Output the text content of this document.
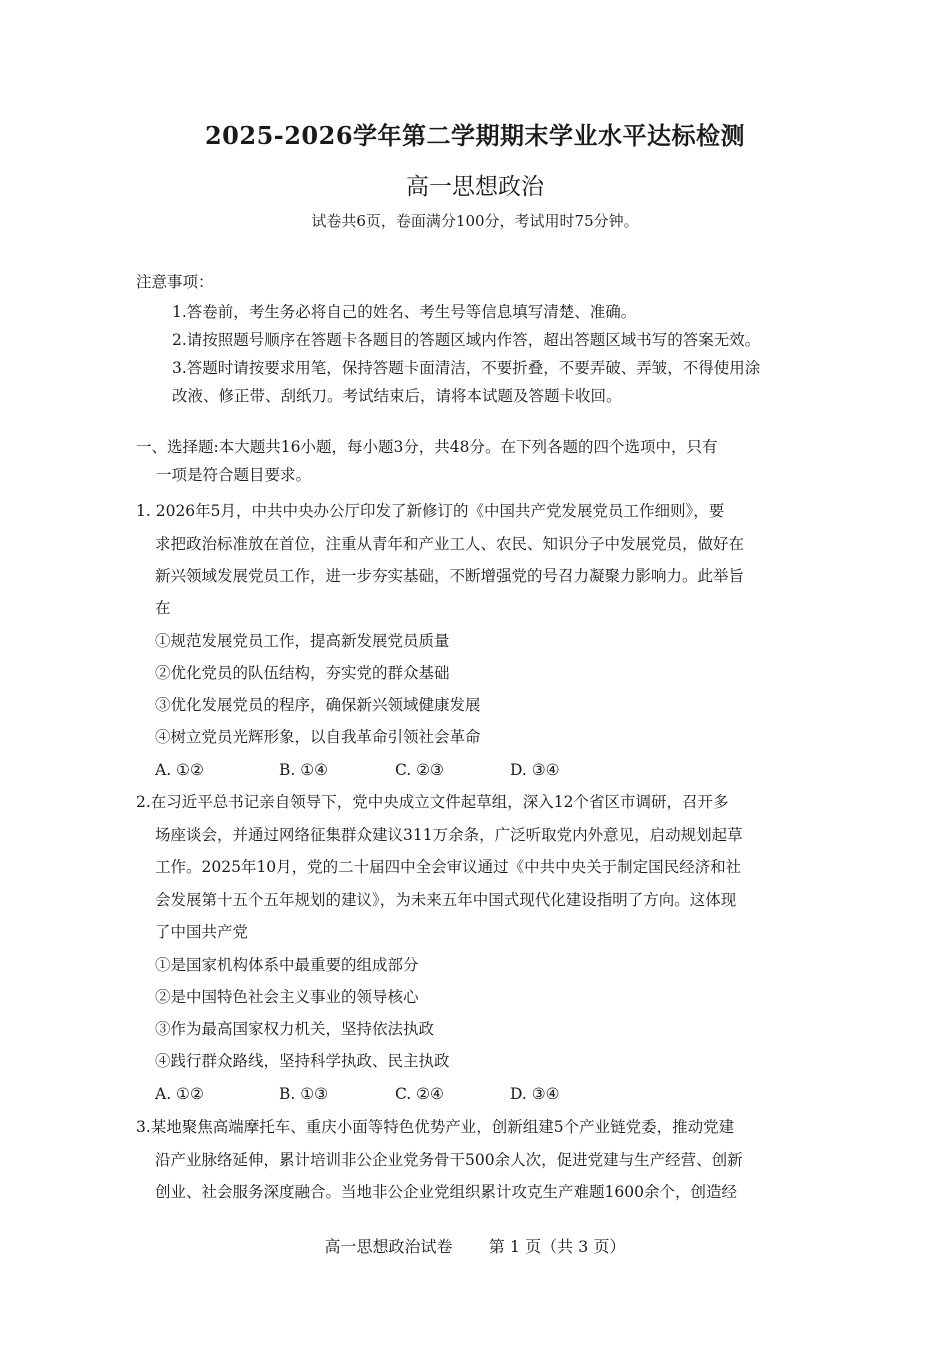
2025-2026学年第二学期期末学业水平达标检测
高一思想政治
试卷共6页，卷面满分100分，考试用时75分钟。
注意事项：
1.答卷前，考生务必将自己的姓名、考生号等信息填写清楚、准确。
2.请按照题号顺序在答题卡各题目的答题区域内作答，超出答题区域书写的答案无效。
3.答题时请按要求用笔，保持答题卡面清洁，不要折叠，不要弄破、弄皱，不得使用涂
改液、修正带、刮纸刀。考试结束后，请将本试题及答题卡收回。
一、选择题:本大题共16小题，每小题3分，共48分。在下列各题的四个选项中，只有
一项是符合题目要求。
1. 2026年5月，中共中央办公厅印发了新修订的《中国共产党发展党员工作细则》，要
求把政治标准放在首位，注重从青年和产业工人、农民、知识分子中发展党员，做好在
新兴领域发展党员工作，进一步夯实基础，不断增强党的号召力凝聚力影响力。此举旨
在
①规范发展党员工作，提高新发展党员质量
②优化党员的队伍结构，夯实党的群众基础
③优化发展党员的程序，确保新兴领域健康发展
④树立党员光辉形象，以自我革命引领社会革命
A. ①②	B. ①④	C. ②③	D. ③④
2.在习近平总书记亲自领导下，党中央成立文件起草组，深入12个省区市调研，召开多
场座谈会，并通过网络征集群众建议311万余条，广泛听取党内外意见，启动规划起草
工作。2025年10月，党的二十届四中全会审议通过《中共中央关于制定国民经济和社
会发展第十五个五年规划的建议》，为未来五年中国式现代化建设指明了方向。这体现
了中国共产党
①是国家机构体系中最重要的组成部分
②是中国特色社会主义事业的领导核心
③作为最高国家权力机关，坚持依法执政
④践行群众路线，坚持科学执政、民主执政
A. ①②	B. ①③	C. ②④	D. ③④
3.某地聚焦高端摩托车、重庆小面等特色优势产业，创新组建5个产业链党委，推动党建
沿产业脉络延伸，累计培训非公企业党务骨干500余人次，促进党建与生产经营、创新
创业、社会服务深度融合。当地非公企业党组织累计攻克生产难题1600余个，创造经
高一思想政治试卷 第 1 页（共 3 页）
